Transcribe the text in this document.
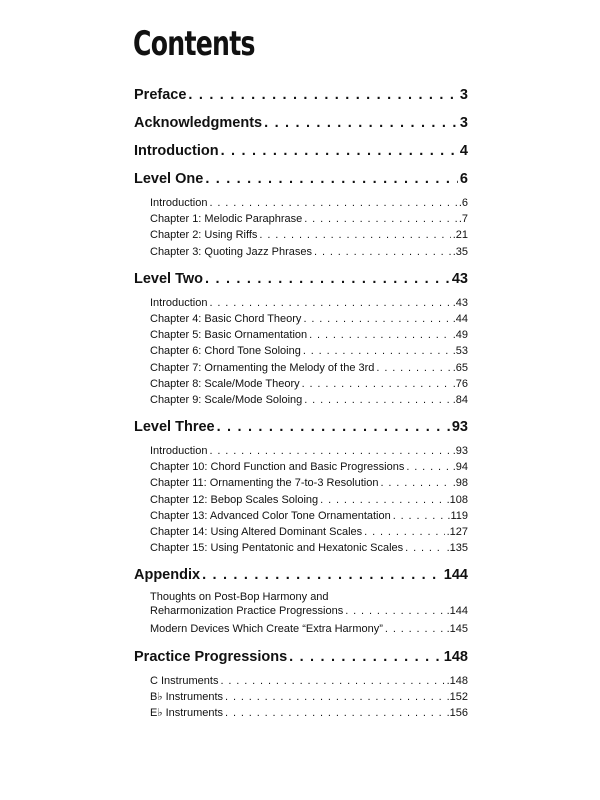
Contents
Preface . . .	3
Acknowledgments . . .	3
Introduction . . .	4
Level One . . .	6
Introduction . . .	.6
Chapter 1: Melodic Paraphrase . . .	.7
Chapter 2: Using Riffs . . .	.21
Chapter 3: Quoting Jazz Phrases . . .	.35
Level Two . . .	43
Introduction . . .	.43
Chapter 4: Basic Chord Theory . . .	.44
Chapter 5: Basic Ornamentation . . .	.49
Chapter 6: Chord Tone Soloing . . .	.53
Chapter 7: Ornamenting the Melody of the 3rd . . .	.65
Chapter 8: Scale/Mode Theory . . .	.76
Chapter 9: Scale/Mode Soloing . . .	.84
Level Three . . .	93
Introduction . . .	.93
Chapter 10: Chord Function and Basic Progressions . . .	.94
Chapter 11: Ornamenting the 7-to-3 Resolution . . .	.98
Chapter 12: Bebop Scales Soloing . . .	.108
Chapter 13: Advanced Color Tone Ornamentation . . .	.119
Chapter 14: Using Altered Dominant Scales . . .	.127
Chapter 15: Using Pentatonic and Hexatonic Scales . . .	.135
Appendix . . .	144
Thoughts on Post-Bop Harmony and
Reharmonization Practice Progressions . . .	.144
Modern Devices Which Create “Extra Harmony” . . .	.145
Practice Progressions . . .	148
C Instruments . . .	.148
B♭ Instruments . . .	.152
E♭ Instruments . . .	.156
